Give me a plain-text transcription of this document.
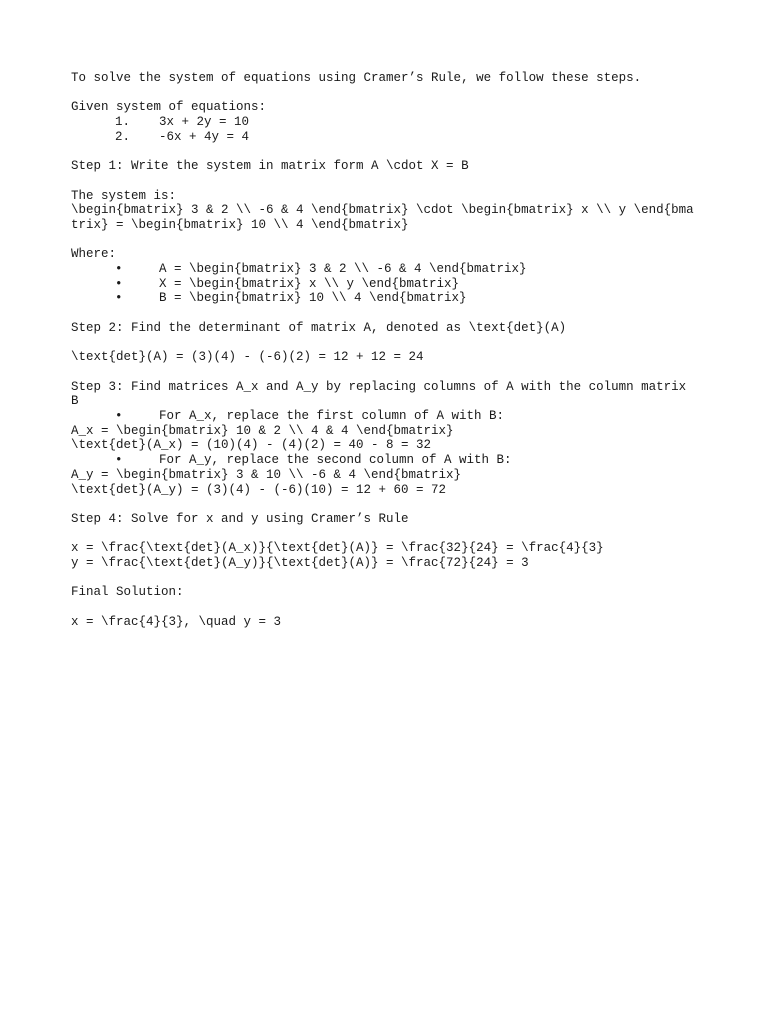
To solve the system of equations using Cramer’s Rule, we follow these steps.
Given system of equations:
1.	3x + 2y = 10
2.	-6x + 4y = 4
Step 1: Write the system in matrix form A \cdot X = B
The system is:
\begin{bmatrix} 3 & 2 \\ -6 & 4 \end{bmatrix} \cdot \begin{bmatrix} x \\ y \end{bmatrix} = \begin{bmatrix} 10 \\ 4 \end{bmatrix}
Where:
•	A = \begin{bmatrix} 3 & 2 \\ -6 & 4 \end{bmatrix}
•	X = \begin{bmatrix} x \\ y \end{bmatrix}
•	B = \begin{bmatrix} 10 \\ 4 \end{bmatrix}
Step 2: Find the determinant of matrix A, denoted as \text{det}(A)
\text{det}(A) = (3)(4) - (-6)(2) = 12 + 12 = 24
Step 3: Find matrices A_x and A_y by replacing columns of A with the column matrix B
•	For A_x, replace the first column of A with B:
A_x = \begin{bmatrix} 10 & 2 \\ 4 & 4 \end{bmatrix}
\text{det}(A_x) = (10)(4) - (4)(2) = 40 - 8 = 32
•	For A_y, replace the second column of A with B:
A_y = \begin{bmatrix} 3 & 10 \\ -6 & 4 \end{bmatrix}
\text{det}(A_y) = (3)(4) - (-6)(10) = 12 + 60 = 72
Step 4: Solve for x and y using Cramer’s Rule
x = \frac{\text{det}(A_x)}{\text{det}(A)} = \frac{32}{24} = \frac{4}{3}
y = \frac{\text{det}(A_y)}{\text{det}(A)} = \frac{72}{24} = 3
Final Solution:
x = \frac{4}{3}, \quad y = 3
